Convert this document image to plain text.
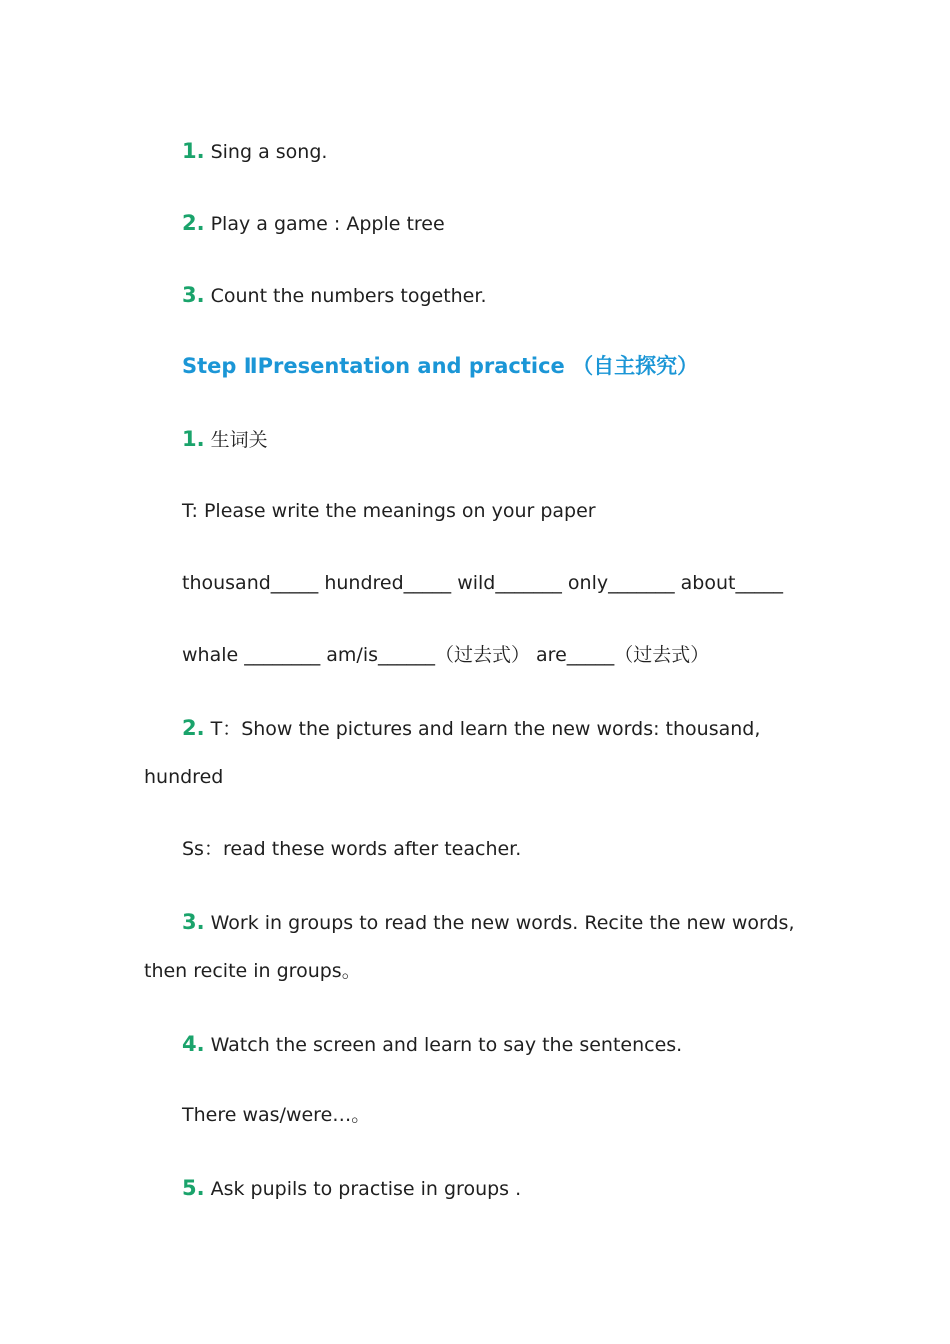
1. Sing a song.
2. Play a game : Apple tree
3. Count the numbers together.
Step ⅡPresentation and practice （自主探究）
1. 生词关
T: Please write the meanings on your paper
thousand_____ hundred_____ wild_______ only_______ about_____
whale ________ am/is______（过去式） are_____（过去式）
2. T：Show the pictures and learn the new words: thousand,
hundred
Ss：read these words after teacher.
3. Work in groups to read the new words. Recite the new words,
then recite in groups。
4. Watch the screen and learn to say the sentences.
There was/were…。
5. Ask pupils to practise in groups .
